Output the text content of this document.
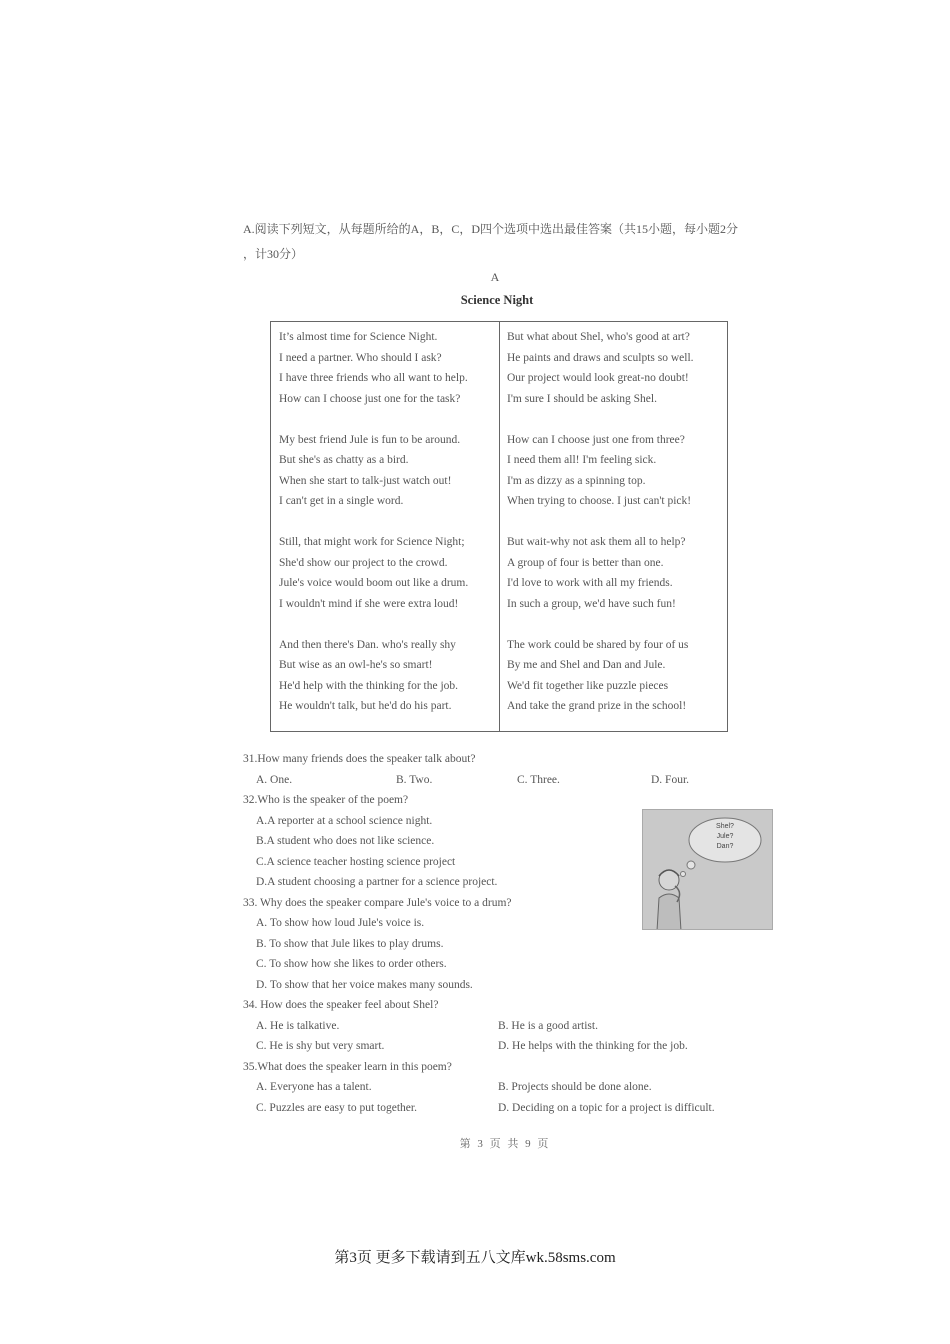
A.阅读下列短文，从每题所给的A，B，C，D四个选项中选出最佳答案（共15小题，每小题2分
，计30分）
A
Science Night
It’s almost time for Science Night.
I need a partner. Who should I ask?
I have three friends who all want to help.
How can I choose just one for the task?
My best friend Jule is fun to be around.
But she's as chatty as a bird.
When she start to talk-just watch out!
I can't get in a single word.
Still, that might work for Science Night;
She'd show our project to the crowd.
Jule's voice would boom out like a drum.
I wouldn't mind if she were extra loud!
And then there's Dan. who's really shy
But wise as an owl-he's so smart!
He'd help with the thinking for the job.
He wouldn't talk, but he'd do his part.
But what about Shel, who's good at art?
He paints and draws and sculpts so well.
Our project would look great-no doubt!
I'm sure I should be asking Shel.
How can I choose just one from three?
I need them all! I'm feeling sick.
I'm as dizzy as a spinning top.
When trying to choose. I just can't pick!
But wait-why not ask them all to help?
A group of four is better than one.
I'd love to work with all my friends.
In such a group, we'd have such fun!
The work could be shared by four of us
By me and Shel and Dan and Jule.
We'd fit together like puzzle pieces
And take the grand prize in the school!
31.How many friends does the speaker talk about?
A. One.	B. Two.	C. Three.	D. Four.
32.Who is the speaker of the poem?
A.A reporter at a school science night.
B.A student who does not like science.
C.A science teacher hosting science project
D.A student choosing a partner for a science project.
Shel?
Jule?
Dan?
33. Why does the speaker compare Jule's voice to a drum?
A. To show how loud Jule's voice is.
B. To show that Jule likes to play drums.
C. To show how she likes to order others.
D. To show that her voice makes many sounds.
34. How does the speaker feel about Shel?
A. He is talkative.	B. He is a good artist.
C. He is shy but very smart.	D. He helps with the thinking for the job.
35.What does the speaker learn in this poem?
A. Everyone has a talent.	B. Projects should be done alone.
C. Puzzles are easy to put together.	D. Deciding on a topic for a project is difficult.
第 3 页 共 9 页
第3页 更多下载请到五八文库wk.58sms.com
